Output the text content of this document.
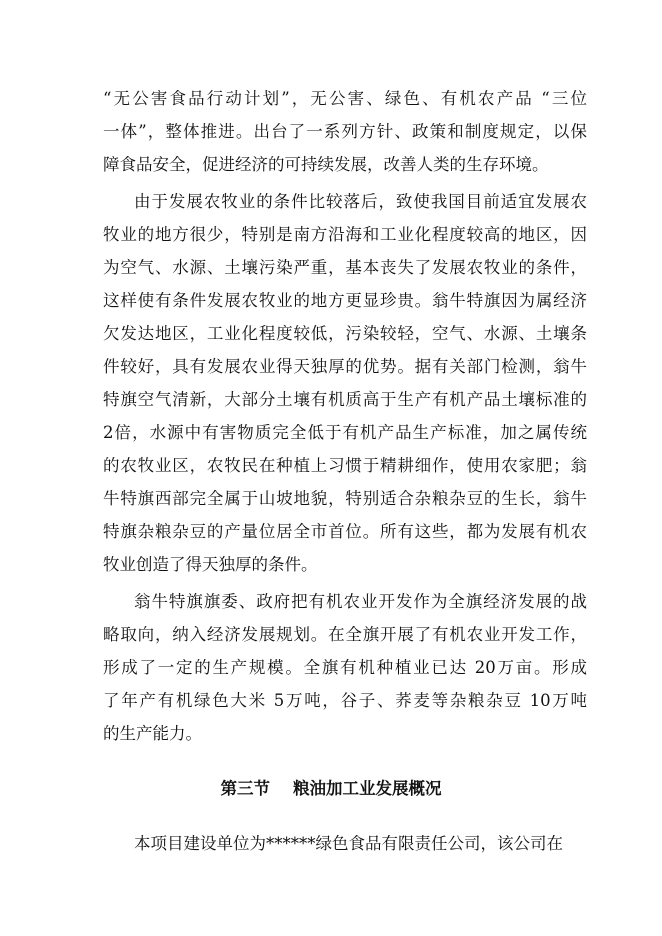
“无公害食品行动计划”，无公害、绿色、有机农产品 “三位
一体”，整体推进。出台了一系列方针、政策和制度规定，以保
障食品安全，促进经济的可持续发展，改善人类的生存环境。
由于发展农牧业的条件比较落后，致使我国目前适宜发展农
牧业的地方很少，特别是南方沿海和工业化程度较高的地区，因
为空气、水源、土壤污染严重，基本丧失了发展农牧业的条件，
这样使有条件发展农牧业的地方更显珍贵。翁牛特旗因为属经济
欠发达地区，工业化程度较低，污染较轻，空气、水源、土壤条
件较好，具有发展农业得天独厚的优势。据有关部门检测，翁牛
特旗空气清新，大部分土壤有机质高于生产有机产品土壤标准的
2倍，水源中有害物质完全低于有机产品生产标准，加之属传统
的农牧业区，农牧民在种植上习惯于精耕细作，使用农家肥；翁
牛特旗西部完全属于山坡地貌，特别适合杂粮杂豆的生长，翁牛
特旗杂粮杂豆的产量位居全市首位。所有这些，都为发展有机农
牧业创造了得天独厚的条件。
翁牛特旗旗委、政府把有机农业开发作为全旗经济发展的战
略取向，纳入经济发展规划。在全旗开展了有机农业开发工作，
形成了一定的生产规模。全旗有机种植业已达 20万亩。形成
了年产有机绿色大米 5万吨，谷子、荞麦等杂粮杂豆 10万吨
的生产能力。
第三节    粮油加工业发展概况
本项目建设单位为******绿色食品有限责任公司，该公司在
